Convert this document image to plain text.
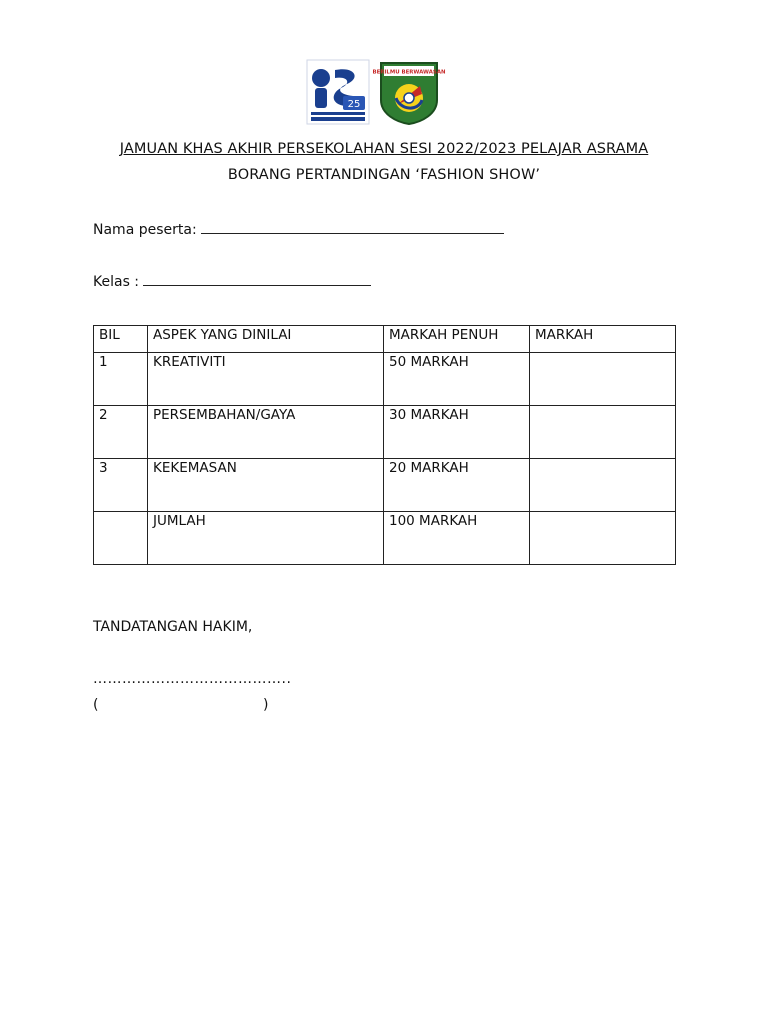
25
BERILMU BERWAWASAN
JAMUAN KHAS AKHIR PERSEKOLAHAN SESI 2022/2023 PELAJAR ASRAMA
BORANG PERTANDINGAN ‘FASHION SHOW’
Nama peserta:
Kelas :
BIL	ASPEK YANG DINILAI	MARKAH PENUH	MARKAH
1	KREATIVITI	50 MARKAH	
2	PERSEMBAHAN/GAYA	30 MARKAH	
3	KEKEMASAN	20 MARKAH	
	JUMLAH	100 MARKAH	
TANDATANGAN HAKIM,
…………………………………..
(	)
